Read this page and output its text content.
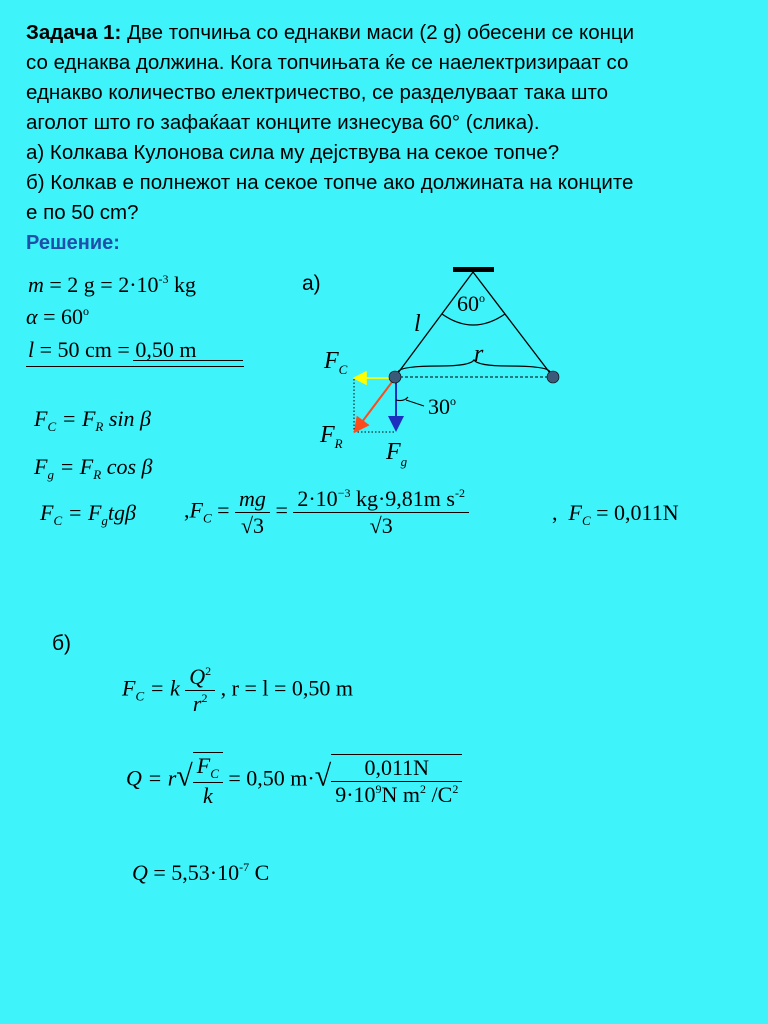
Задача 1: Две топчиња со еднакви маси (2 g) обесени се конци

со еднаква должина. Кога топчињата ќе се наелектризираат со

еднакво количество електричество, се разделуваат така што

аголот што го зафаќаат конците изнесува 60° (слика).

а) Колкава Кулонова сила му дејствува на секое топче?

б) Колкав е полнежот на секое топче ако должината на конците

е по 50 cm?

Решение:
m = 2 $g = 2\cdot 10^{-3}$ kg
$\alpha = 60^o$
l = 50 cm = 0,50 m
а)
60$^o$
l
r
$F_C$
$F_R$ $F_g$
30$^o$
$F_C = F_R$ sin β
$F_g = F_R$ cos β
$F_C = F_gtg\beta$ $,F_C = \frac{mg}{√3} = \frac{2\cdot 10^{-3} kg\cdot 9,81m s^{-2}}{√3}$	, $F_C = 0,011N$
б)
$F_C = k \frac{Q^2}{r^2}$ , r = l = 0,50 m
$Q = r√ \frac{F_C}{k} = 0,50$ $m\cdot√ \frac{0,011N}{9\cdot 10^9N m^2 /C^2}$
$Q = 5,53\cdot 10^{-7}$ C
